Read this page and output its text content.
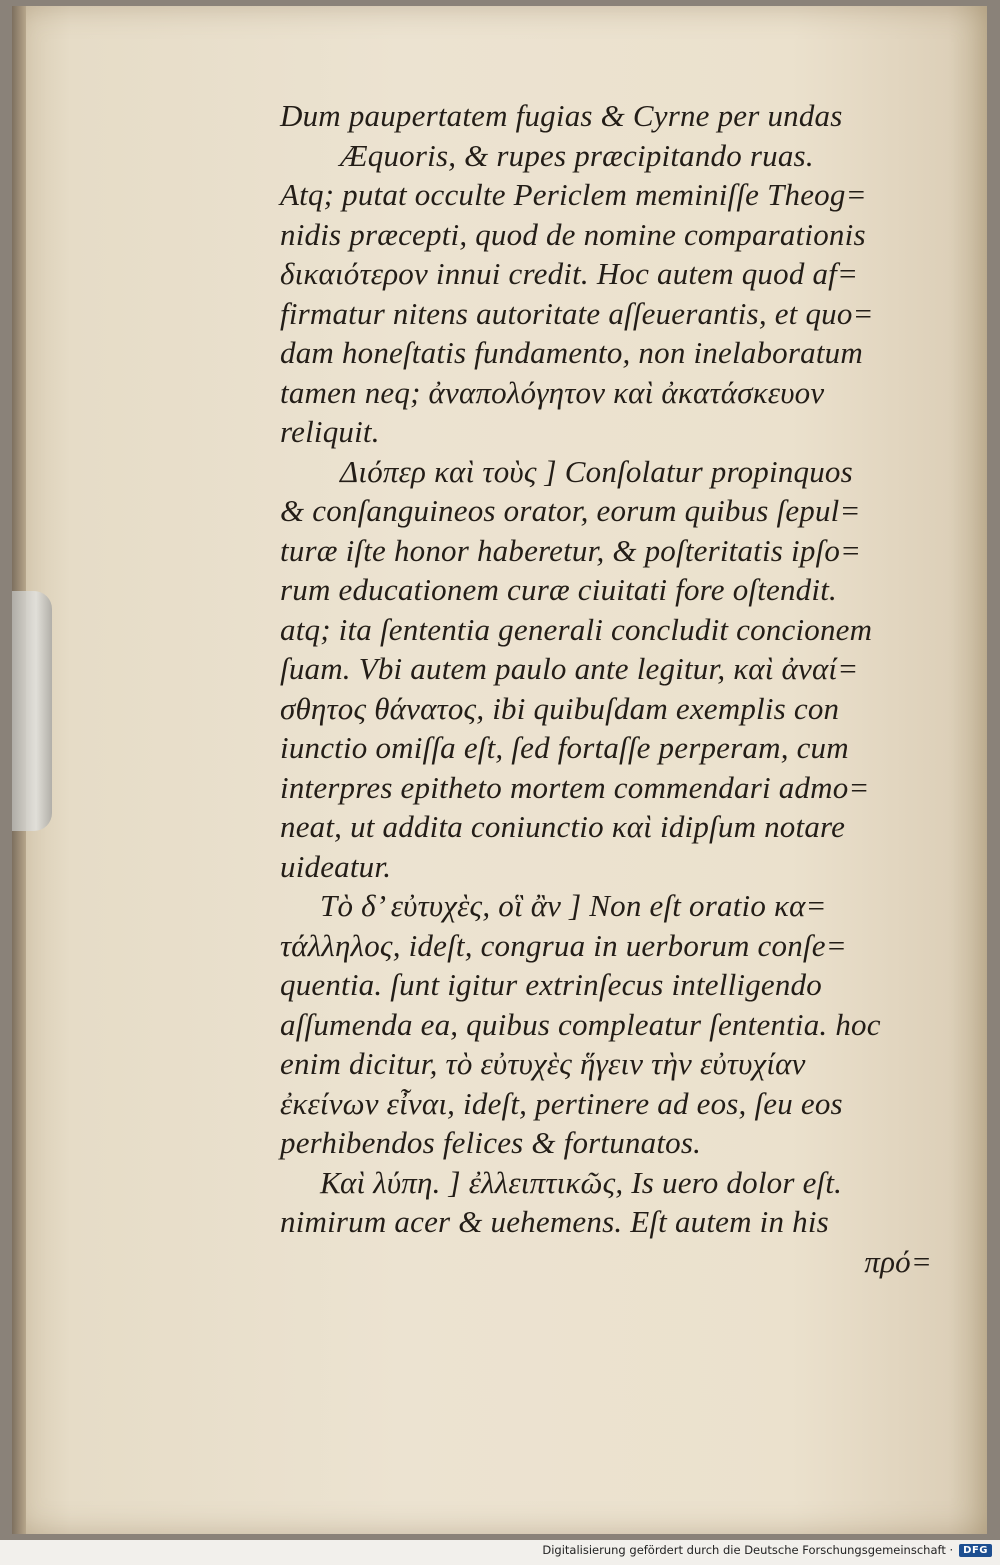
Dum paupertatem fugias & Cyrne per undas
Æquoris, & rupes præcipitando ruas.
Atq; putat occulte Periclem meminiſſe Theog=
nidis præcepti, quod de nomine comparationis
δικαιότερον innui credit. Hoc autem quod af=
firmatur nitens autoritate aſſeuerantis, et quo=
dam honeſtatis fundamento, non inelaboratum
tamen neq; ἀναπολόγητον καὶ ἀκατάσκευον
reliquit.
Διόπερ καὶ τοὺς ] Conſolatur propinquos
& conſanguineos orator, eorum quibus ſepul=
turæ iſte honor haberetur, & poſteritatis ipſo=
rum educationem curæ ciuitati fore oſtendit.
atq; ita ſententia generali concludit concionem
ſuam. Vbi autem paulo ante legitur, καὶ ἀναί=
σθητος θάνατος, ibi quibuſdam exemplis con
iunctio omiſſa eſt, ſed fortaſſe perperam, cum
interpres epitheto mortem commendari admo=
neat, ut addita coniunctio καὶ idipſum notare
uideatur.
Τὸ δ’ εὐτυχὲς, οἳ ἂν ] Non eſt oratio κα=
τάλληλος, ideſt, congrua in uerborum conſe=
quentia. ſunt igitur extrinſecus intelligendo
aſſumenda ea, quibus compleatur ſententia. hoc
enim dicitur, τὸ εὐτυχὲς ἥγειν τὴν εὐτυχίαν
ἐκείνων εἶναι, ideſt, pertinere ad eos, ſeu eos
perhibendos felices & fortunatos.
Καὶ λύπη. ] ἐλλειπτικῶς, Is uero dolor eſt.
nimirum acer & uehemens. Eſt autem in his
πρό=
Digitalisierung gefördert durch die Deutsche Forschungsgemeinschaft ·	DFG
